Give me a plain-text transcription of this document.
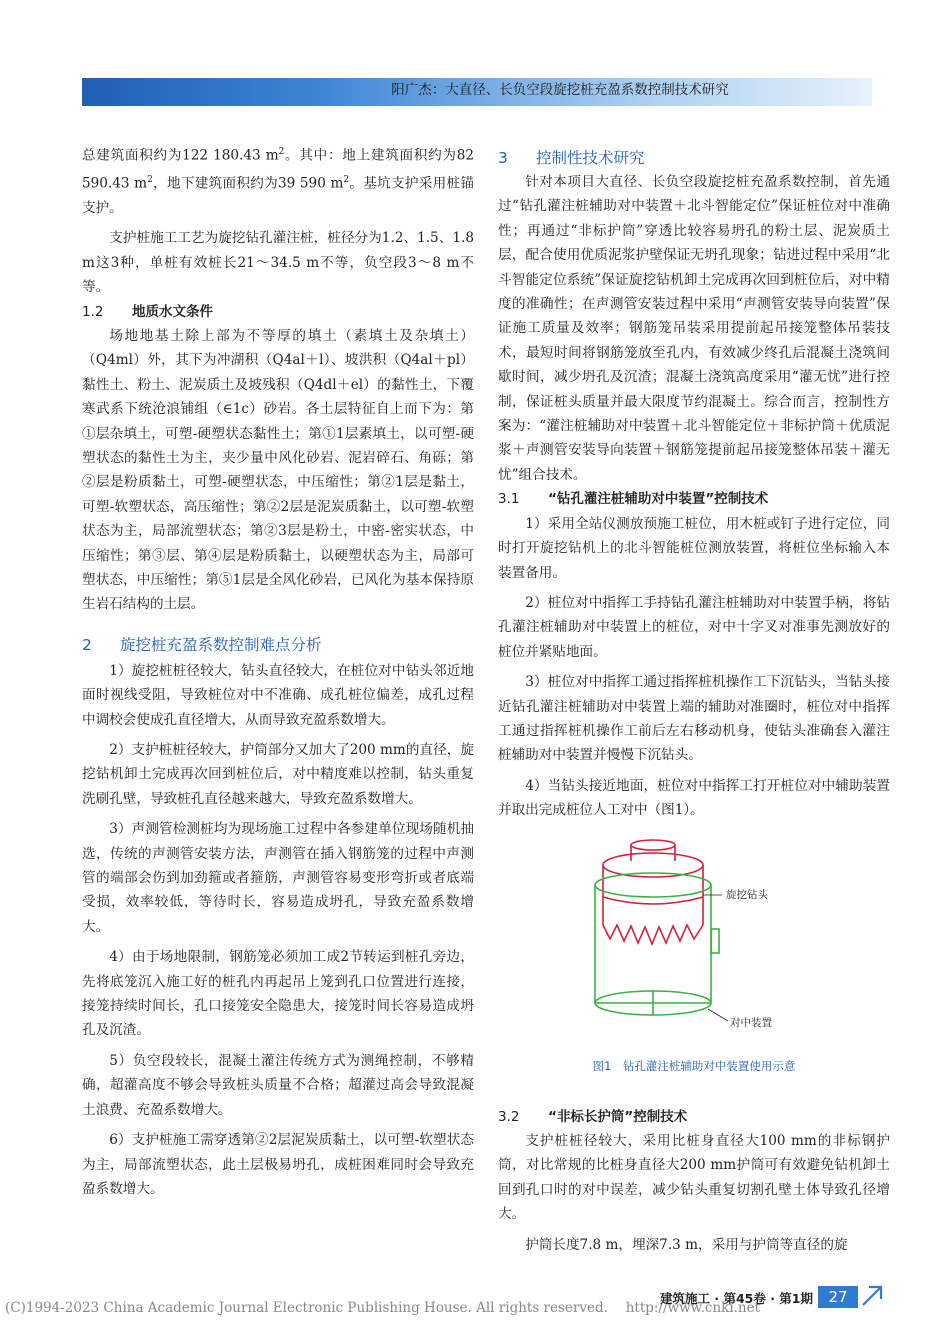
阳广杰：大直径、长负空段旋挖桩充盈系数控制技术研究

总建筑面积约为122 180.43 $m^2$。其中：地上建筑面积约为82 590.43 $m^2$，地下建筑面积约为39 590 $m^2$。基坑支护采用桩锚支护。

支护桩施工工艺为旋挖钻孔灌注桩，桩径分为1.2、1.5、1.8 m这3种，单桩有效桩长21～34.5 m不等，负空段3～8 m不等。

1.2 地质水文条件

场地地基土除上部为不等厚的填土（素填土及杂填土）（Q4ml）外，其下为冲湖积（Q4al＋l）、坡洪积（Q4al＋pl）黏性土、粉土、泥炭质土及坡残积（Q4dl＋el）的黏性土，下覆寒武系下统沧浪铺组（∈1c）砂岩。各土层特征自上而下为：第①层杂填土，可塑-硬塑状态黏性土；第①1层素填土，以可塑-硬塑状态的黏性土为主，夹少量中风化砂岩、泥岩碎石、角砾；第②层是粉质黏土，可塑-硬塑状态，中压缩性；第②1层是黏土，可塑-软塑状态，高压缩性；第②2层是泥炭质黏土，以可塑-软塑状态为主，局部流塑状态；第②3层是粉土，中密-密实状态，中压缩性；第③层、第④层是粉质黏土，以硬塑状态为主，局部可塑状态，中压缩性；第⑤1层是全风化砂岩，已风化为基本保持原生岩石结构的土层。

2 旋挖桩充盈系数控制难点分析

1）旋挖桩桩径较大，钻头直径较大，在桩位对中钻头邻近地面时视线受阻，导致桩位对中不准确、成孔桩位偏差，成孔过程中调校会使成孔直径增大，从而导致充盈系数增大。

2）支护桩桩径较大，护筒部分又加大了200 mm的直径，旋挖钻机卸土完成再次回到桩位后，对中精度难以控制，钻头重复洗刷孔壁，导致桩孔直径越来越大，导致充盈系数增大。

3）声测管检测桩均为现场施工过程中各参建单位现场随机抽选，传统的声测管安装方法，声测管在插入钢筋笼的过程中声测管的端部会伤到加劲箍或者箍筋，声测管容易变形弯折或者底端受损，效率较低，等待时长，容易造成坍孔，导致充盈系数增大。

4）由于场地限制，钢筋笼必须加工成2节转运到桩孔旁边，先将底笼沉入施工好的桩孔内再起吊上笼到孔口位置进行连接，接笼持续时间长，孔口接笼安全隐患大，接笼时间长容易造成坍孔及沉渣。

5）负空段较长，混凝土灌注传统方式为测绳控制，不够精确，超灌高度不够会导致桩头质量不合格；超灌过高会导致混凝土浪费、充盈系数增大。

6）支护桩施工需穿透第②2层泥炭质黏土，以可塑-软塑状态为主，局部流塑状态，此土层极易坍孔，成桩困难同时会导致充盈系数增大。

3 控制性技术研究

针对本项目大直径、长负空段旋挖桩充盈系数控制，首先通过“钻孔灌注桩辅助对中装置＋北斗智能定位”保证桩位对中准确性；再通过“非标护筒”穿透比较容易坍孔的粉土层、泥炭质土层，配合使用优质泥浆护壁保证无坍孔现象；钻进过程中采用“北斗智能定位系统”保证旋挖钻机卸土完成再次回到桩位后，对中精度的准确性；在声测管安装过程中采用“声测管安装导向装置”保证施工质量及效率；钢筋笼吊装采用提前起吊接笼整体吊装技术，最短时间将钢筋笼放至孔内，有效减少终孔后混凝土浇筑间歇时间，减少坍孔及沉渣；混凝土浇筑高度采用“灌无忧”进行控制，保证桩头质量并最大限度节约混凝土。综合而言，控制性方案为：“灌注桩辅助对中装置＋北斗智能定位＋非标护筒＋优质泥浆＋声测管安装导向装置＋钢筋笼提前起吊接笼整体吊装＋灌无忧”组合技术。

3.1 “钻孔灌注桩辅助对中装置”控制技术

1）采用全站仪测放预施工桩位，用木桩或钉子进行定位，同时打开旋挖钻机上的北斗智能桩位测放装置，将桩位坐标输入本装置备用。

2）桩位对中指挥工手持钻孔灌注桩辅助对中装置手柄，将钻孔灌注桩辅助对中装置上的桩位，对中十字叉对准事先测放好的桩位并紧贴地面。

3）桩位对中指挥工通过指挥桩机操作工下沉钻头，当钻头接近钻孔灌注桩辅助对中装置上端的辅助对准圈时，桩位对中指挥工通过指挥桩机操作工前后左右移动机身，使钻头准确套入灌注桩辅助对中装置并慢慢下沉钻头。

4）当钻头接近地面，桩位对中指挥工打开桩位对中辅助装置并取出完成桩位人工对中（图1）。

旋挖钻头
对中装置
图1　钻孔灌注桩辅助对中装置使用示意
3.2 “非标长护筒”控制技术

支护桩桩径较大，采用比桩身直径大100 mm的非标钢护筒，对比常规的比桩身直径大200 mm护筒可有效避免钻机卸土回到孔口时的对中误差，减少钻头重复切割孔壁土体导致孔径增大。

护筒长度7.8 m，埋深7.3 m，采用与护筒等直径的旋

(C)1994-2023 China Academic Journal Electronic Publishing House. All rights reserved.　 http://www.cnki.net
建筑施工 · 第45卷 · 第1期	27
